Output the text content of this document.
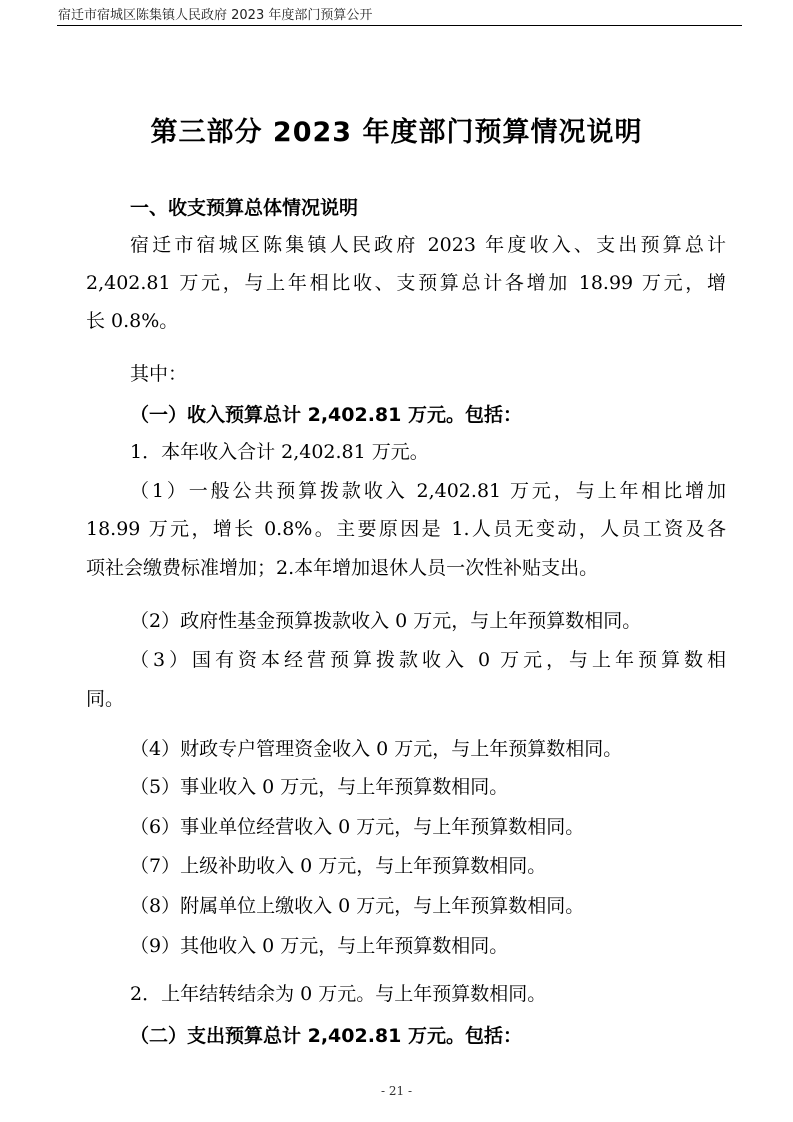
宿迁市宿城区陈集镇人民政府 2023 年度部门预算公开
第三部分 2023 年度部门预算情况说明
一、收支预算总体情况说明
宿迁市宿城区陈集镇人民政府 2023 年度收入、支出预算总计
2,402.81 万元，与上年相比收、支预算总计各增加 18.99 万元，增
长 0.8%。
其中：
（一）收入预算总计 2,402.81 万元。包括：
1．本年收入合计 2,402.81 万元。
（1）一般公共预算拨款收入 2,402.81 万元，与上年相比增加
18.99 万元，增长 0.8%。主要原因是 1.人员无变动，人员工资及各
项社会缴费标准增加；2.本年增加退休人员一次性补贴支出。
（2）政府性基金预算拨款收入 0 万元，与上年预算数相同。
（3）国有资本经营预算拨款收入 0 万元，与上年预算数相
同。
（4）财政专户管理资金收入 0 万元，与上年预算数相同。
（5）事业收入 0 万元，与上年预算数相同。
（6）事业单位经营收入 0 万元，与上年预算数相同。
（7）上级补助收入 0 万元，与上年预算数相同。
（8）附属单位上缴收入 0 万元，与上年预算数相同。
（9）其他收入 0 万元，与上年预算数相同。
2．上年结转结余为 0 万元。与上年预算数相同。
（二）支出预算总计 2,402.81 万元。包括：
- 21 -
